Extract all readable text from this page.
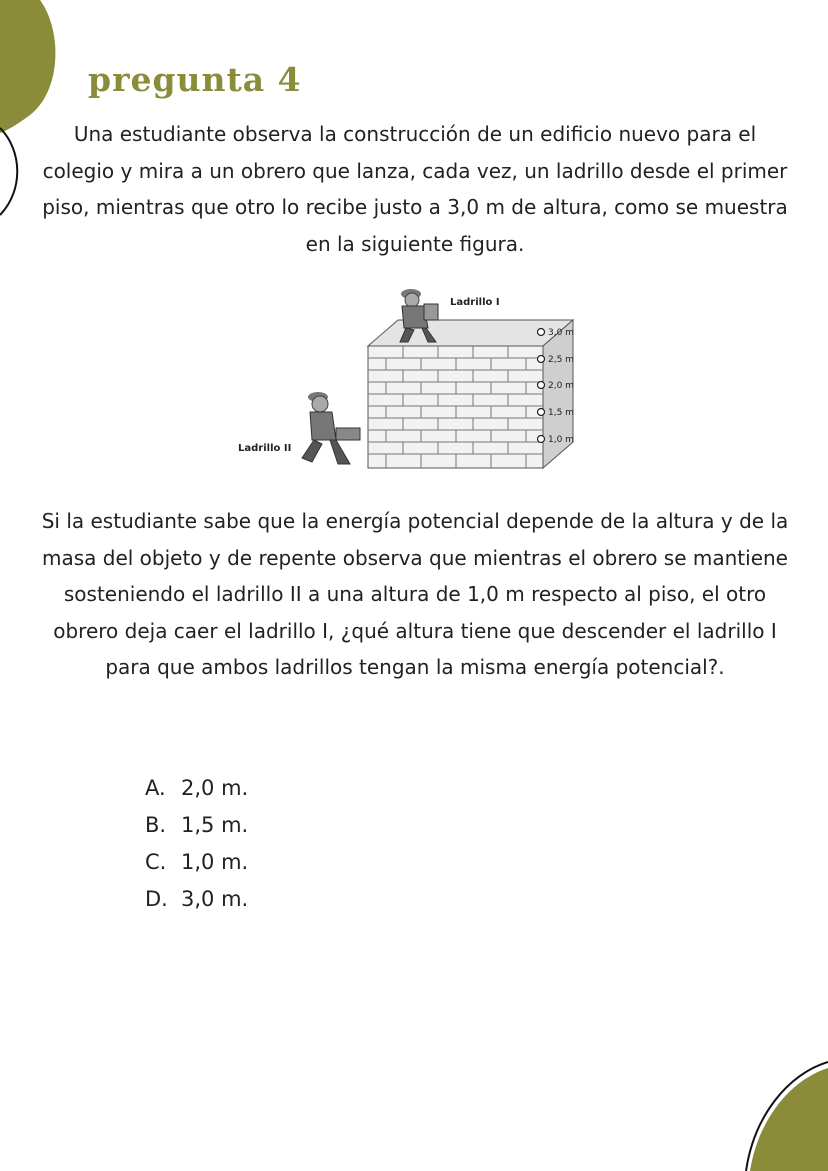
pregunta 4
Una estudiante observa la construcción de un edificio nuevo para el colegio y mira a un obrero que lanza, cada vez, un ladrillo desde el primer piso, mientras que otro lo recibe justo a 3,0 m de altura, como se muestra en la siguiente figura.
Ladrillo I
Ladrillo II
3,0 m
2,5 m
2,0 m
1,5 m
1,0 m
Si la estudiante sabe que la energía potencial depende de la altura y de la masa del objeto y de repente observa que mientras el obrero se mantiene sosteniendo el ladrillo II a una altura de 1,0 m respecto al piso, el otro obrero deja caer el ladrillo I, ¿qué altura tiene que descender el ladrillo I para que ambos ladrillos tengan la misma energía potencial?.
A. 2,0 m.
B. 1,5 m.
C. 1,0 m.
D. 3,0 m.
